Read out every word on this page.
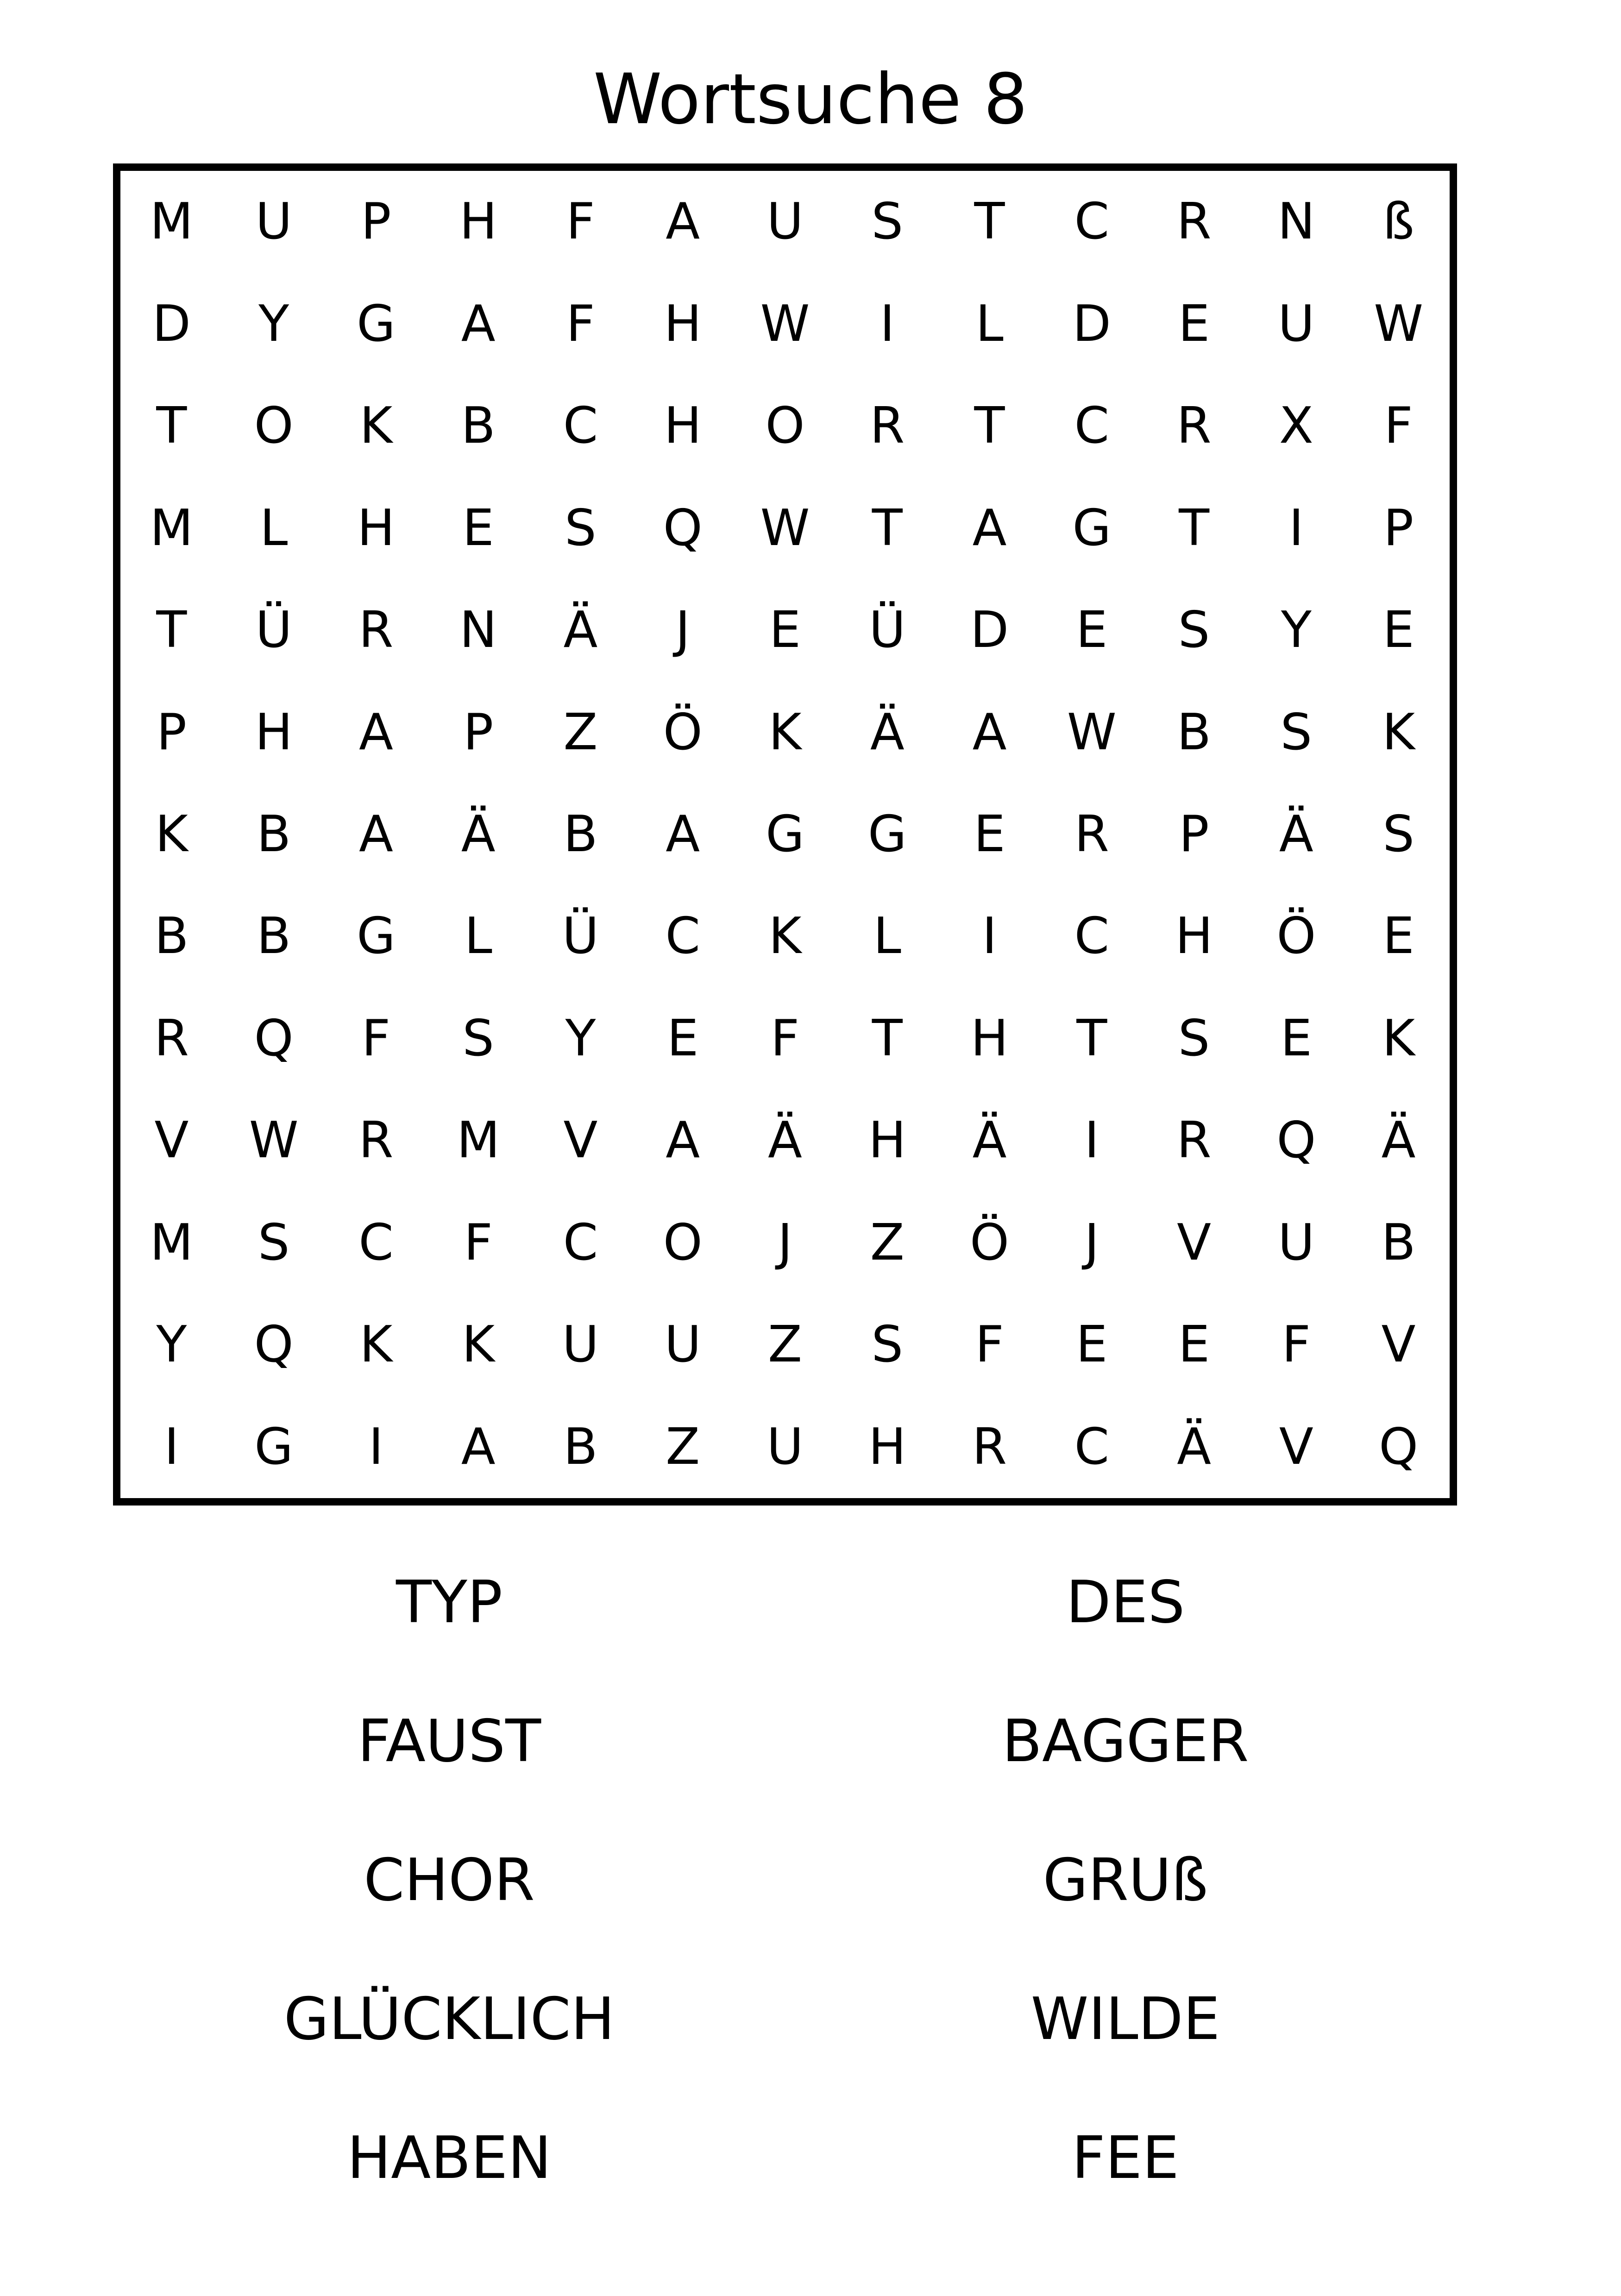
Wortsuche 8
M	U	P	H	F	A	U	S	T	C	R	N	ß
D	Y	G	A	F	H	W	I	L	D	E	U	W
T	O	K	B	C	H	O	R	T	C	R	X	F
M	L	H	E	S	Q	W	T	A	G	T	I	P
T	Ü	R	N	Ä	J	E	Ü	D	E	S	Y	E
P	H	A	P	Z	Ö	K	Ä	A	W	B	S	K
K	B	A	Ä	B	A	G	G	E	R	P	Ä	S
B	B	G	L	Ü	C	K	L	I	C	H	Ö	E
R	Q	F	S	Y	E	F	T	H	T	S	E	K
V	W	R	M	V	A	Ä	H	Ä	I	R	Q	Ä
M	S	C	F	C	O	J	Z	Ö	J	V	U	B
Y	Q	K	K	U	U	Z	S	F	E	E	F	V
I	G	I	A	B	Z	U	H	R	C	Ä	V	Q
TYP
FAUST
CHOR
GLÜCKLICH
HABEN
DES
BAGGER
GRUß
WILDE
FEE
